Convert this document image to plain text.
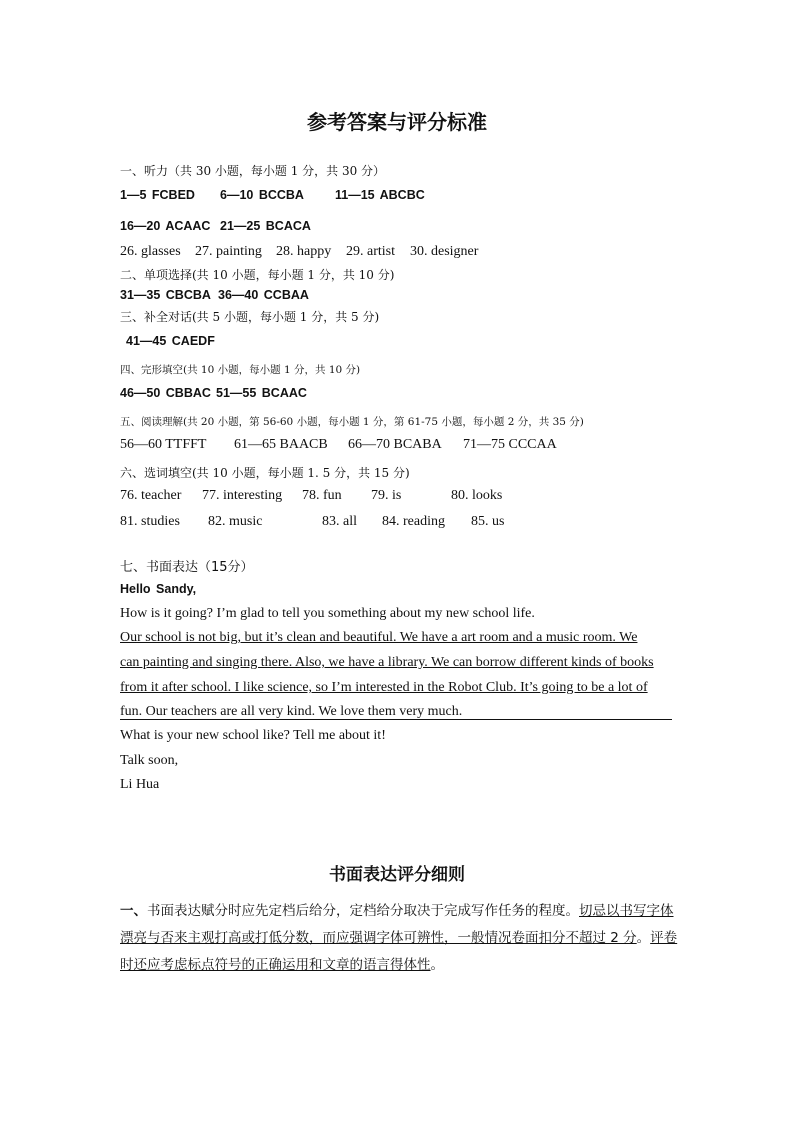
参考答案与评分标准
一、听力（共 30 小题，每小题 1 分，共 30 分）
1—5 FCBED 6—10 BCCBA 11—15 ABCBC
16—20 ACAAC 21—25 BCACA
26. glasses 27. painting 28. happy 29. artist 30. designer
二、单项选择(共 10 小题，每小题 1 分，共 10 分)
31—35 CBCBA 36—40 CCBAA
三、补全对话(共 5 小题，每小题 1 分，共 5 分)
41—45 CAEDF
四、完形填空(共 10 小题，每小题 1 分，共 10 分)
46—50 CBBAC 51—55 BCAAC
五、阅读理解(共 20 小题，第 56-60 小题，每小题 1 分，第 61-75 小题，每小题 2 分，共 35 分)
56—60 TTFFT 61—65 BAACB 66—70 BCABA 71—75 CCCAA
六、选词填空(共 10 小题，每小题 1. 5 分，共 15 分)
76. teacher 77. interesting 78. fun 79. is	80. looks
81. studies 82. music	83. all 84. reading 85. us
七、书面表达（15分）
Hello Sandy,
How is it going? I’m glad to tell you something about my new school life.
Our school is not big, but it’s clean and beautiful. We have a art room and a music room. We
can painting and singing there. Also, we have a library. We can borrow different kinds of books
from it after school. I like science, so I’m interested in the Robot Club. It’s going to be a lot of
fun. Our teachers are all very kind. We love them very much.
What is your new school like? Tell me about it!
Talk soon,
Li Hua
书面表达评分细则
一、书面表达赋分时应先定档后给分，定档给分取决于完成写作任务的程度。切忌以书写字体漂亮与否来主观打高或打低分数，而应强调字体可辨性，一般情况卷面扣分不超过 2 分。评卷时还应考虑标点符号的正确运用和文章的语言得体性。
